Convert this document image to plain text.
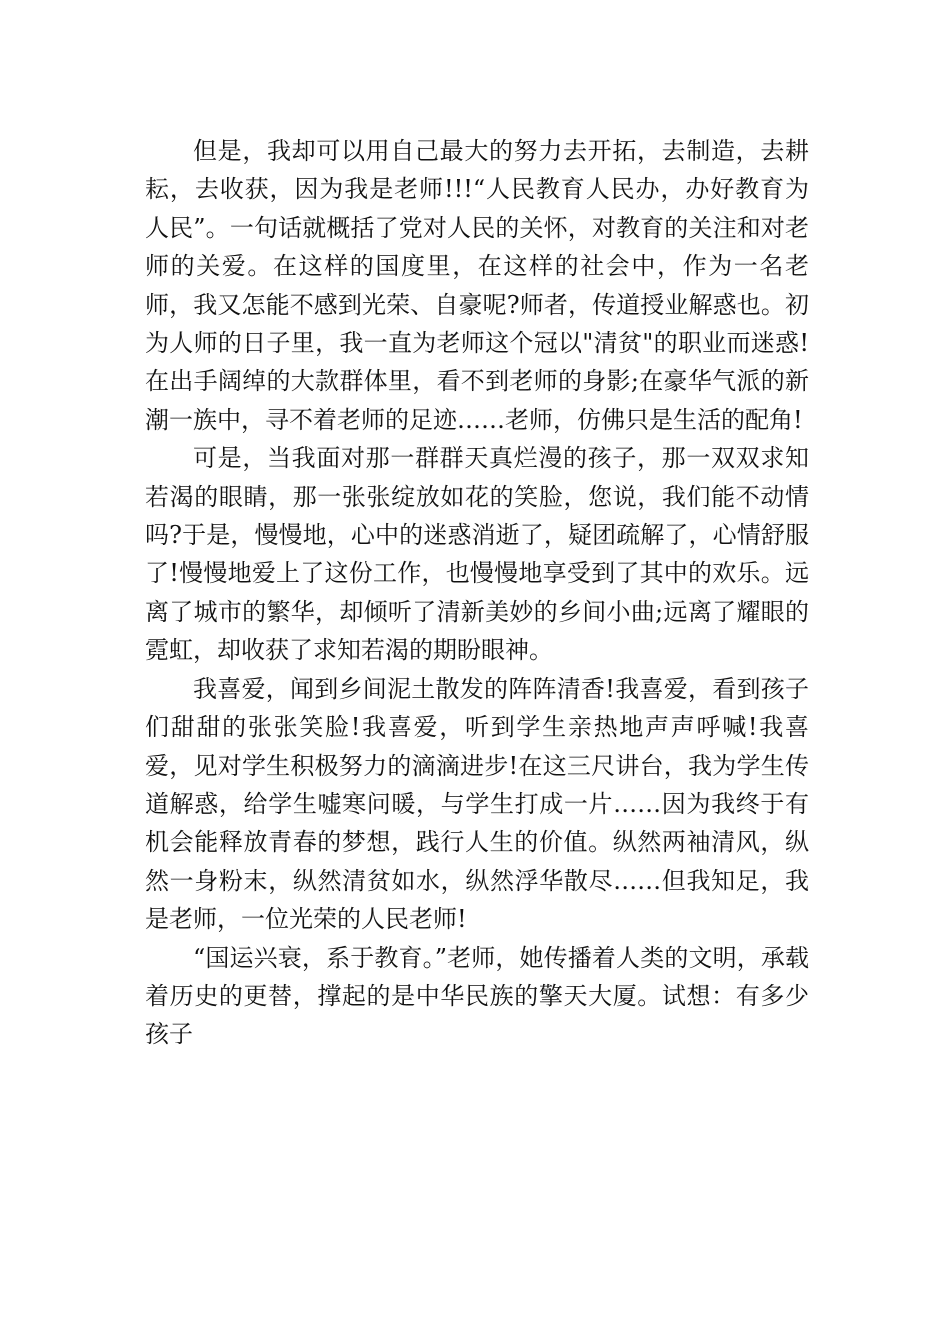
但是，我却可以用自己最大的努力去开拓，去制造，去耕耘，去收获，因为我是老师!!!“人民教育人民办，办好教育为人民”。一句话就概括了党对人民的关怀，对教育的关注和对老师的关爱。在这样的国度里，在这样的社会中，作为一名老师，我又怎能不感到光荣、自豪呢?师者，传道授业解惑也。初为人师的日子里，我一直为老师这个冠以"清贫"的职业而迷惑!在出手阔绰的大款群体里，看不到老师的身影;在豪华气派的新潮一族中，寻不着老师的足迹……老师，仿佛只是生活的配角!

可是，当我面对那一群群天真烂漫的孩子，那一双双求知若渴的眼睛，那一张张绽放如花的笑脸，您说，我们能不动情吗?于是，慢慢地，心中的迷惑消逝了，疑团疏解了，心情舒服了!慢慢地爱上了这份工作，也慢慢地享受到了其中的欢乐。远离了城市的繁华，却倾听了清新美妙的乡间小曲;远离了耀眼的霓虹，却收获了求知若渴的期盼眼神。

我喜爱，闻到乡间泥土散发的阵阵清香!我喜爱，看到孩子们甜甜的张张笑脸!我喜爱，听到学生亲热地声声呼喊!我喜爱，见对学生积极努力的滴滴进步!在这三尺讲台，我为学生传道解惑，给学生嘘寒问暖，与学生打成一片……因为我终于有机会能释放青春的梦想，践行人生的价值。纵然两袖清风，纵然一身粉末，纵然清贫如水，纵然浮华散尽……但我知足，我是老师，一位光荣的人民老师!

“国运兴衰，系于教育。”老师，她传播着人类的文明，承载着历史的更替，撑起的是中华民族的擎天大厦。试想：有多少孩子
